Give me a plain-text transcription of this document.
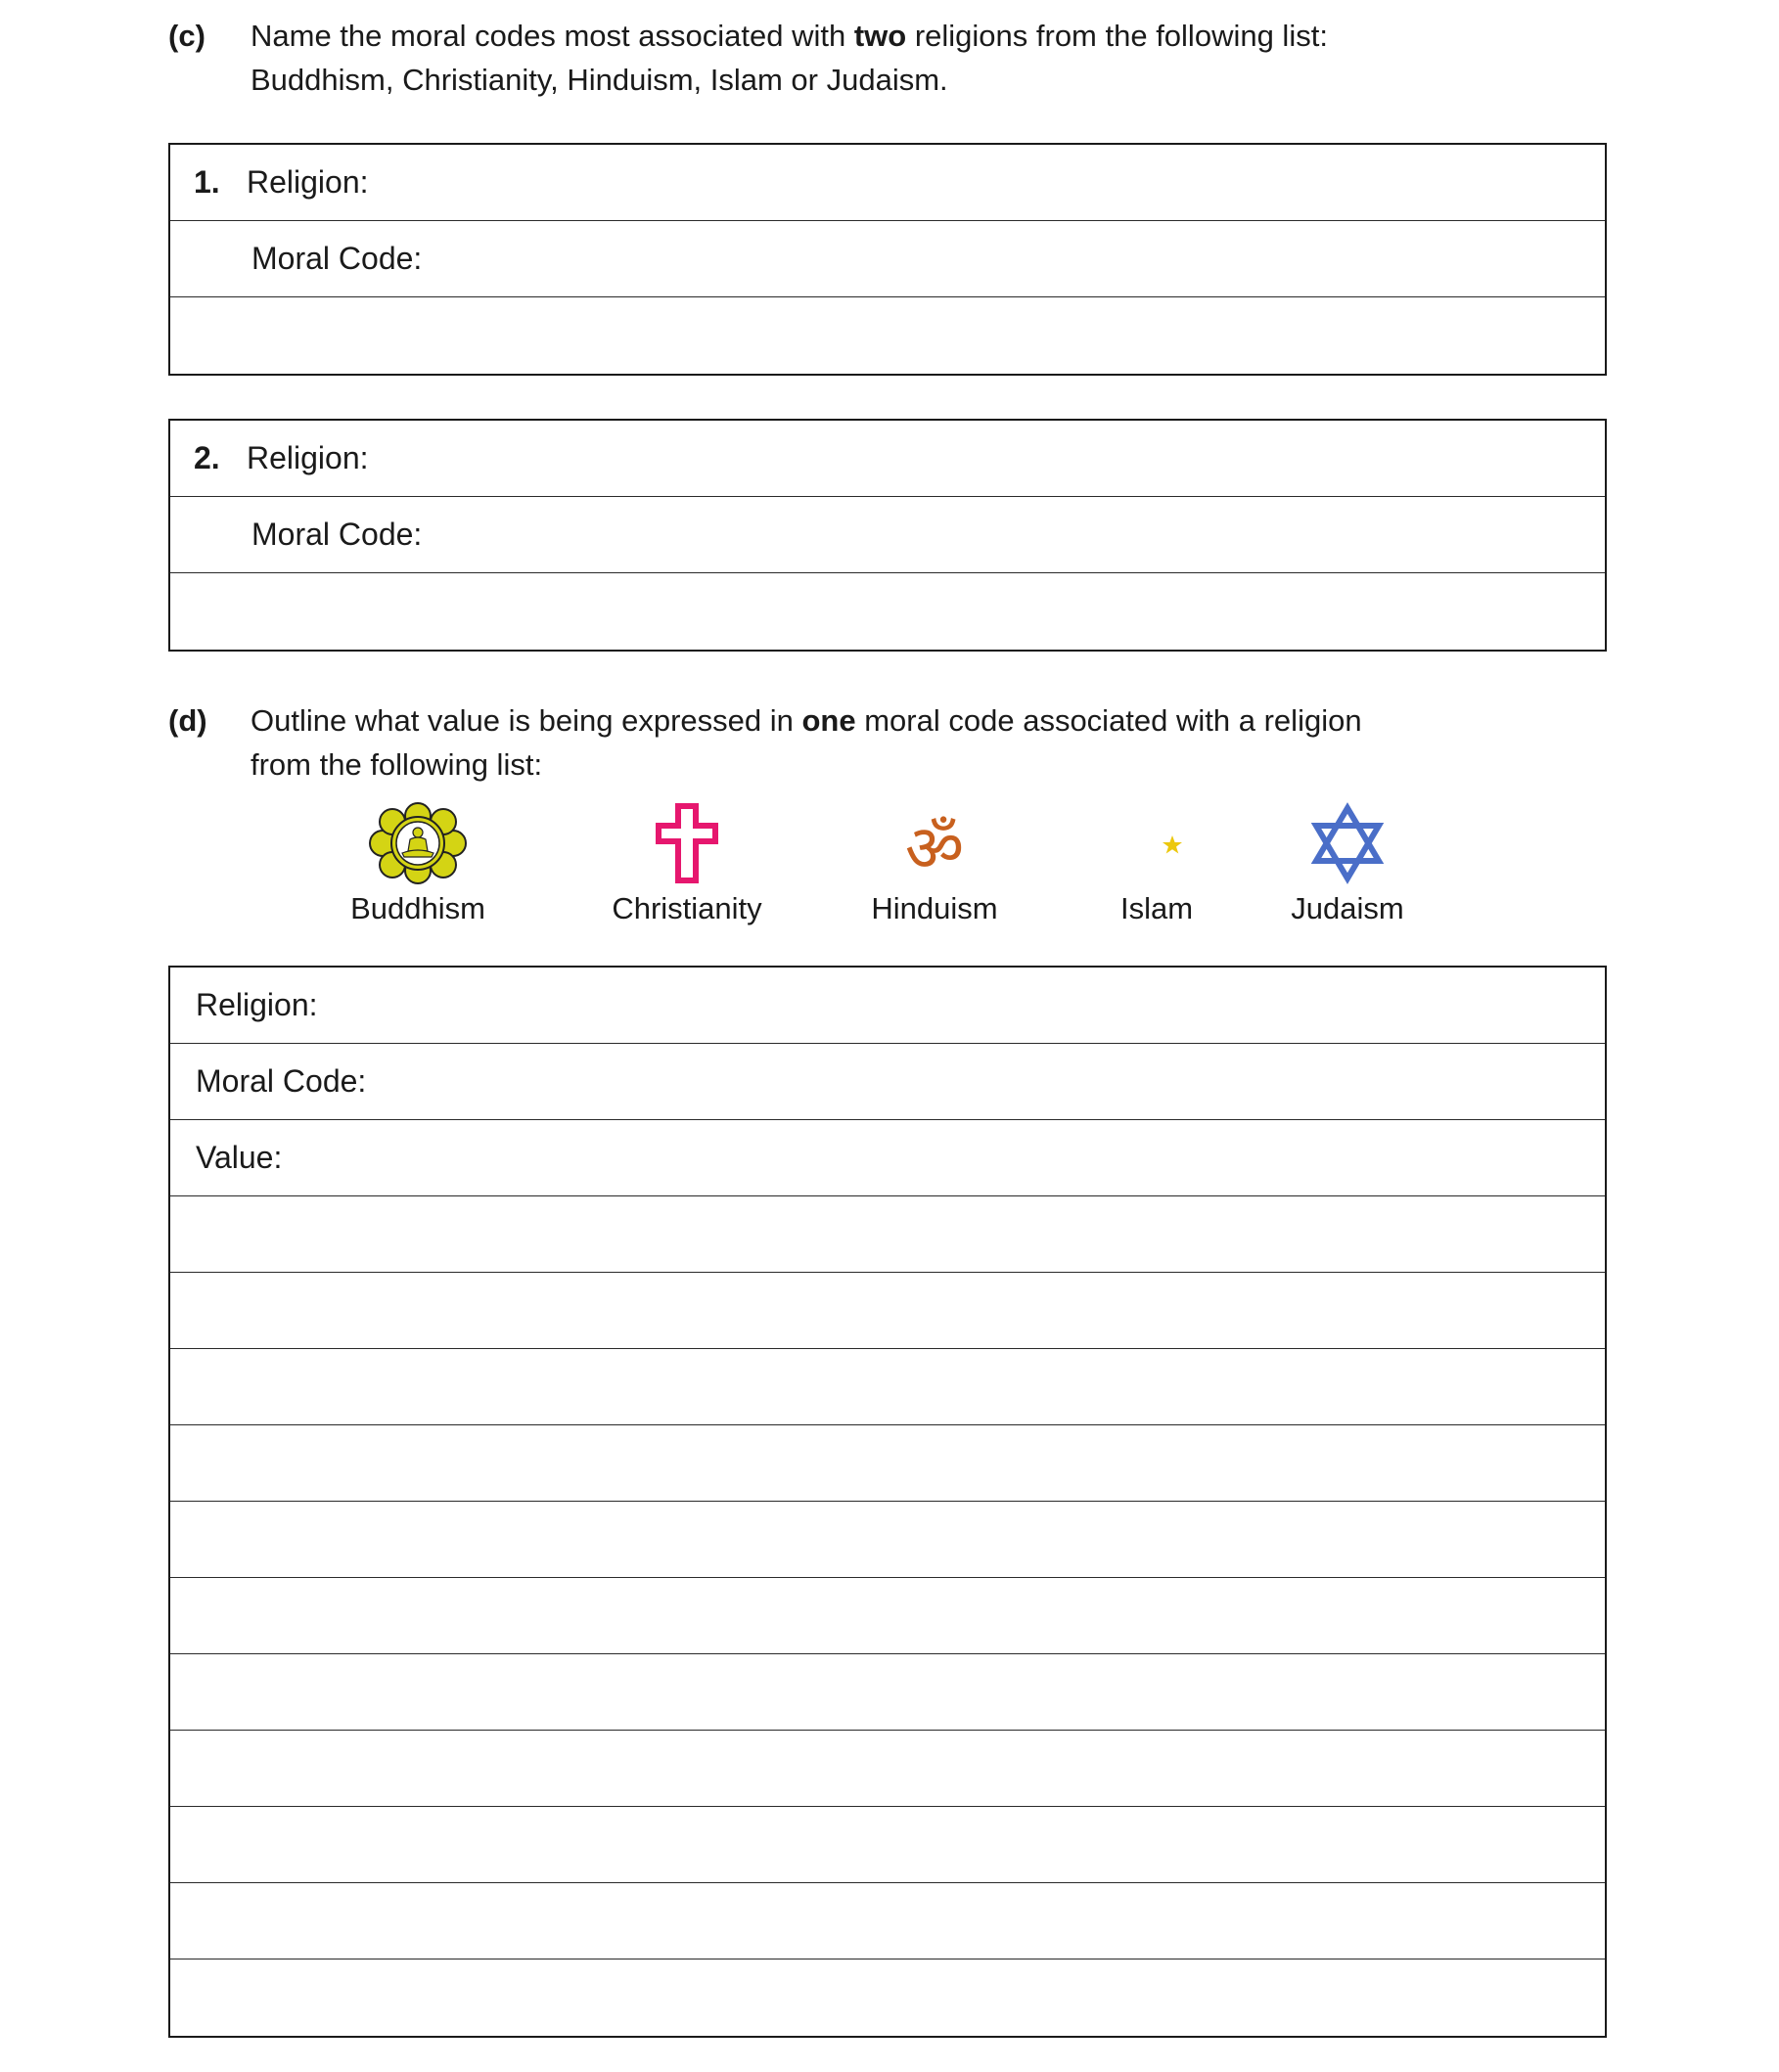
(c) Name the moral codes most associated with two religions from the following list:
Buddhism, Christianity, Hinduism, Islam or Judaism.
1. Religion:
Moral Code:
2. Religion:
Moral Code:
(d) Outline what value is being expressed in one moral code associated with a religion
from the following list:
Buddhism	Christianity
ॐ
Hinduism	Islam	Judaism
Religion:
Moral Code:
Value:
